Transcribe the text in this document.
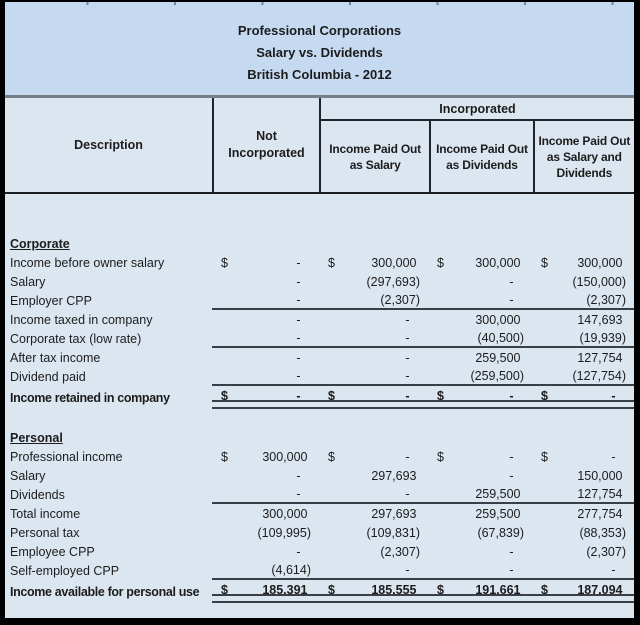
Professional Corporations
Salary vs. Dividends
British Columbia - 2012
Description
Not
Incorporated
Incorporated
Income Paid Out
as Salary
Income Paid Out
as Dividends
Income Paid Out
as Salary and
Dividends
Corporate
Income before owner salary	$	-	$	300,000	$	300,000	$ 300,000
Salary	-	(297,693)	-	(150,000)
Employer CPP	-	(2,307)	-	(2,307)
Income taxed in company	-	-	300,000	147,693
Corporate tax (low rate)	-	-	(40,500)	(19,939)
After tax income	-	-	259,500	127,754
Dividend paid	-	-	(259,500)	(127,754)
Income retained in company	$	-	$	-	$	-	$	-
Personal
Professional income	$	300,000	$	-	$	-	$	-
Salary	-	297,693	-	150,000
Dividends	-	-	259,500	127,754
Total income	300,000	297,693	259,500	277,754
Personal tax	(109,995)	(109,831)	(67,839)	(88,353)
Employee CPP	-	(2,307)	-	(2,307)
Self-employed CPP	(4,614)	-	-	-
Income available for personal use	$	185,391	$	185,555	$	191,661	$ 187,094
